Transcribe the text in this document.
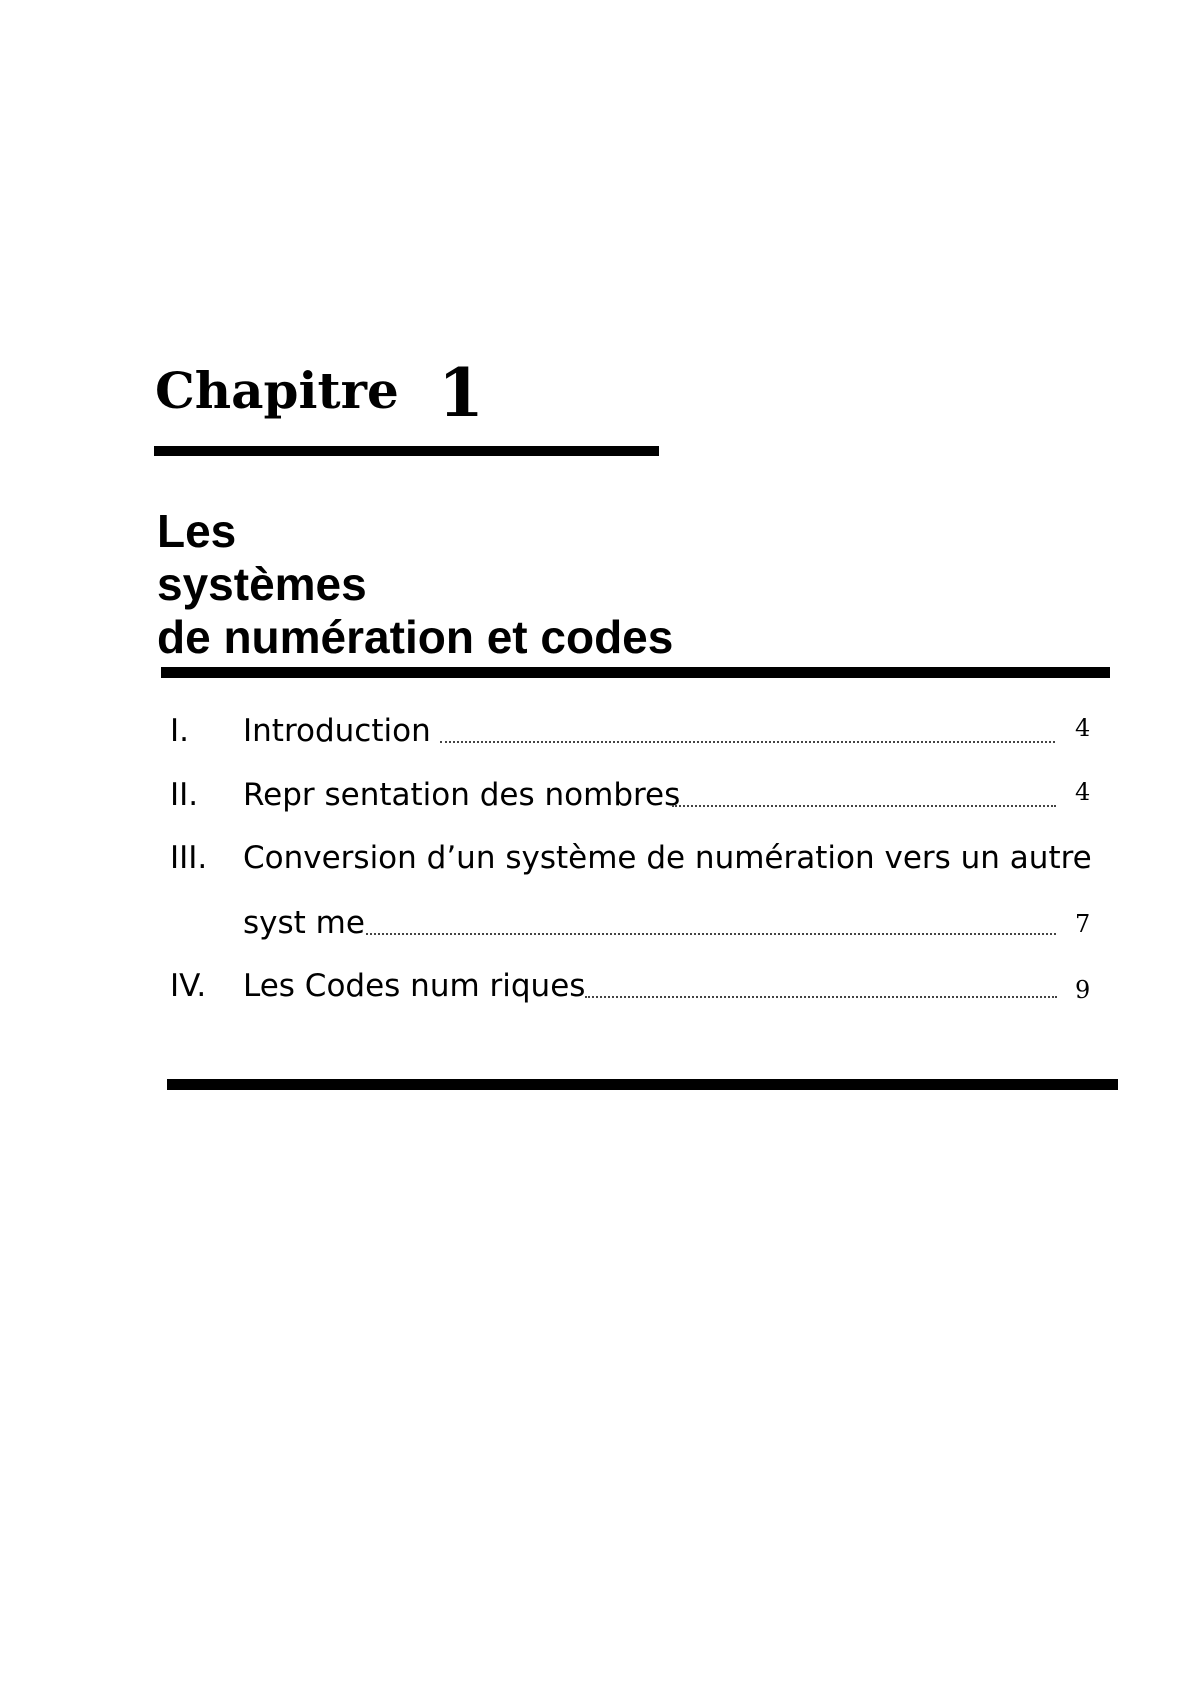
Chapitre 1
Les
systèmes
de numération et codes
I. Introduction	4
II. Repr sentation des nombres	4
III. Conversion d’un système de numération vers un autre
syst me	7
IV. Les Codes num riques	9
